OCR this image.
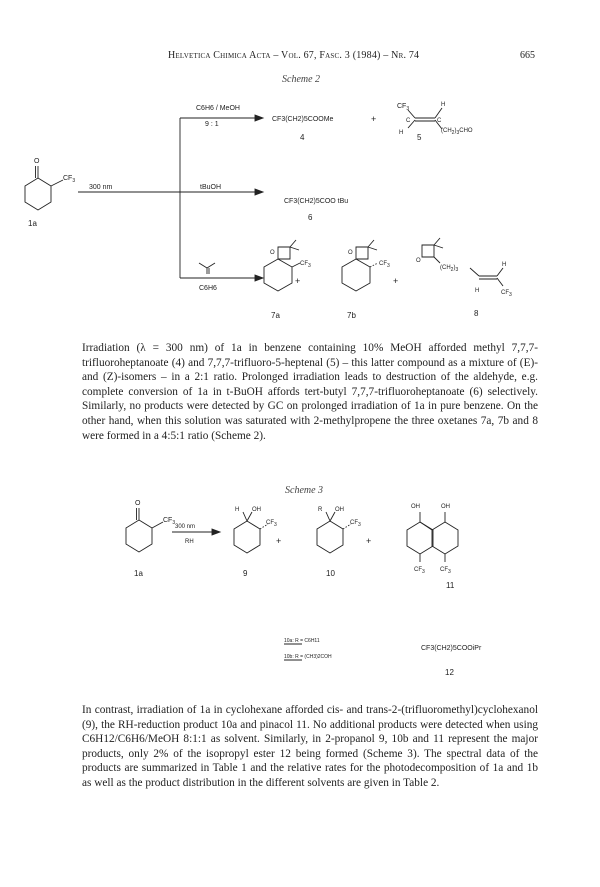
Helvetica Chimica Acta – Vol. 67, Fasc. 3 (1984) – Nr. 74	665
Scheme 2
O
$CF_3$
1a
300 nm
C6H6 / MeOH
9 : 1
tBuOH
C6H6
CF3(CH2)5COOMe
4
+
$CF_3$
C	C
H
H	$(CH_2)_3CHO$
5
CF3(CH2)5COO tBu
6
O
$CF_3$
+
O
$CF_3$
+
O
$(CH_2)_3$
H
H	$CF_3$
7a	7b	8

Irradiation (λ = 300 nm) of 1a in benzene containing 10% MeOH afforded methyl 7,7,7-trifluoroheptanoate (4) and 7,7,7-trifluoro-5-heptenal (5) – this latter compound as a mixture of (E)- and (Z)-isomers – in a 2:1 ratio. Prolonged irradiation leads to destruction of the aldehyde, e.g. complete conversion of 1a in t-BuOH affords tert-butyl 7,7,7-trifluoroheptanoate (6) selectively. Similarly, no products were detected by GC on prolonged irradiation of 1a in pure benzene. On the other hand, when this solution was saturated with 2-methylpropene the three oxetanes 7a, 7b and 8 were formed in a 4:5:1 ratio (Scheme 2).

Scheme 3
O
$CF_3$
300 nm
RH
1a
H OH
$CF_3$
+
9
R OH
$CF_3$
+
10
OH	OH
$CF_3$	$CF_3$
11
10a: R = C6H11
10b: R = (CH3)2COH
CF3(CH2)5COOiPr
12

In contrast, irradiation of 1a in cyclohexane afforded cis- and trans-2-(trifluoromethyl)cyclohexanol (9), the RH-reduction product 10a and pinacol 11. No additional products were detected when using C6H12/C6H6/MeOH 8:1:1 as solvent. Similarly, in 2-propanol 9, 10b and 11 represent the major products, only 2% of the isopropyl ester 12 being formed (Scheme 3). The spectral data of the products are summarized in Table 1 and the relative rates for the photodecomposition of 1a and 1b as well as the product distribution in the different solvents are given in Table 2.
